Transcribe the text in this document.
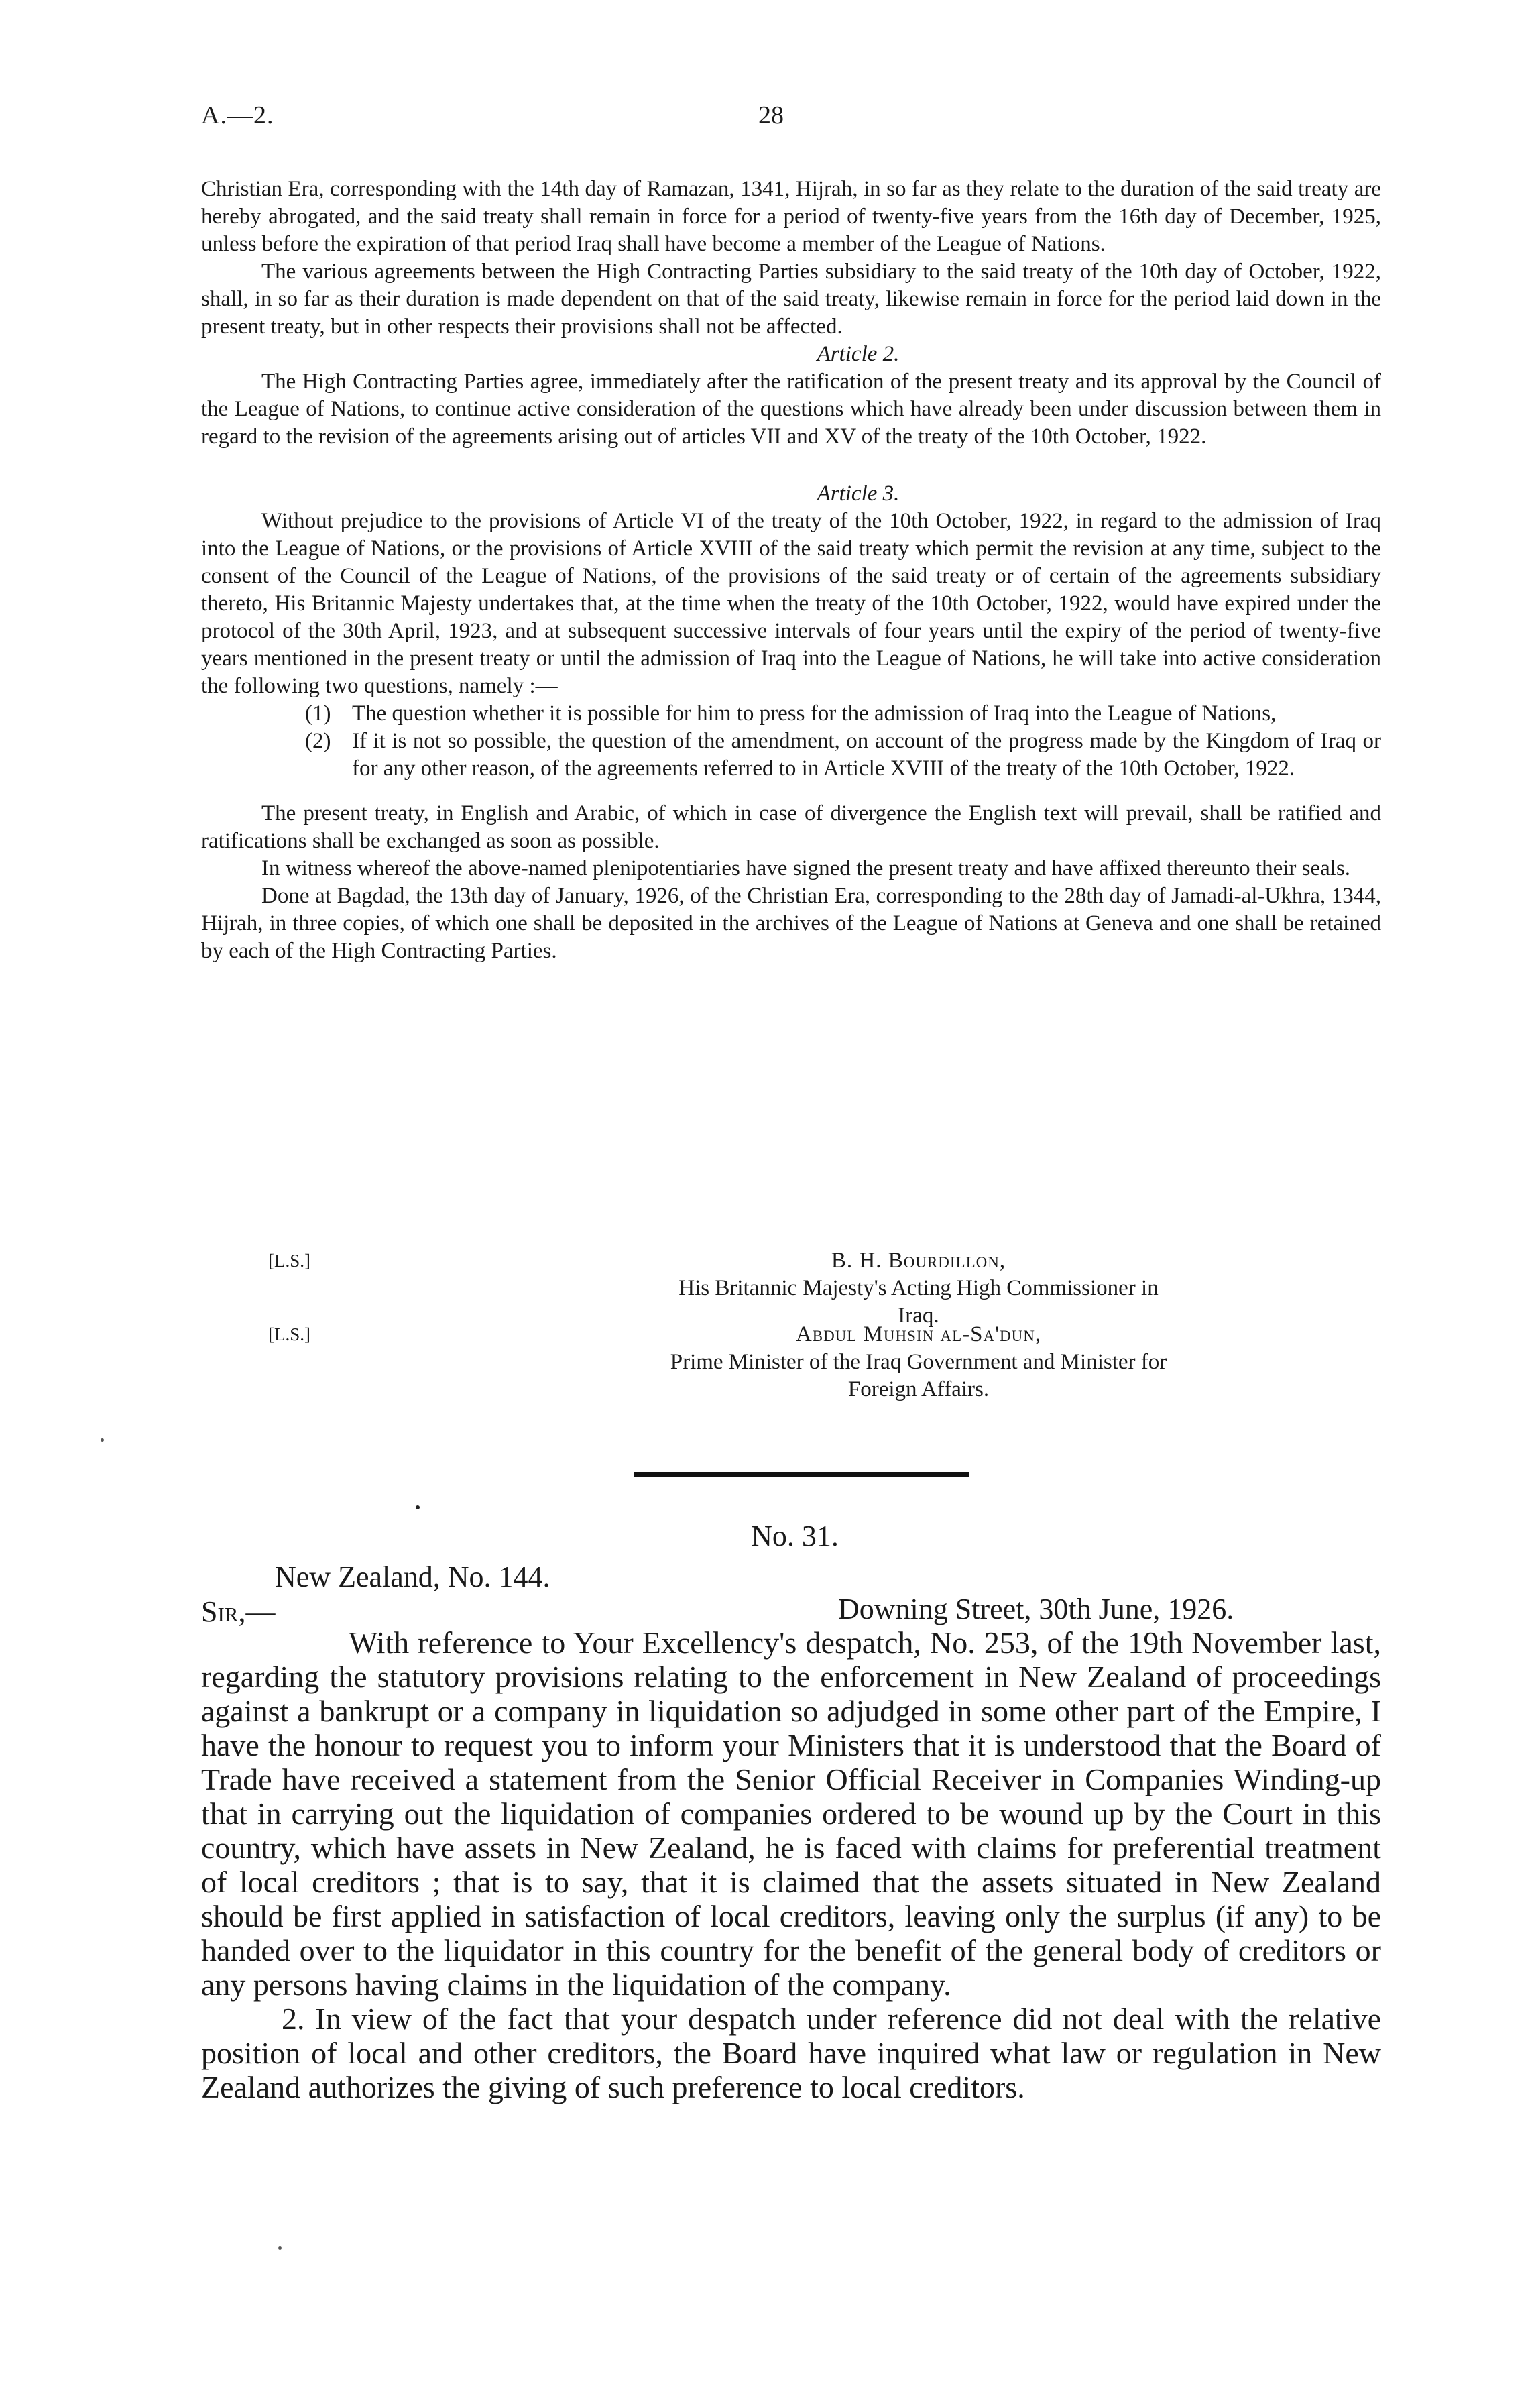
A.—2.	28

Christian Era, corresponding with the 14th day of Ramazan, 1341, Hijrah, in so far as they relate to the duration of the said treaty are hereby abrogated, and the said treaty shall remain in force for a period of twenty-five years from the 16th day of December, 1925, unless before the expiration of that period Iraq shall have become a member of the League of Nations.

The various agreements between the High Contracting Parties subsidiary to the said treaty of the 10th day of October, 1922, shall, in so far as their duration is made dependent on that of the said treaty, likewise remain in force for the period laid down in the present treaty, but in other respects their provisions shall not be affected.

Article 2.

The High Contracting Parties agree, immediately after the ratification of the present treaty and its approval by the Council of the League of Nations, to continue active consideration of the questions which have already been under discussion between them in regard to the revision of the agreements arising out of articles VII and XV of the treaty of the 10th October, 1922.

Article 3.

Without prejudice to the provisions of Article VI of the treaty of the 10th October, 1922, in regard to the admission of Iraq into the League of Nations, or the provisions of Article XVIII of the said treaty which permit the revision at any time, subject to the consent of the Council of the League of Nations, of the provisions of the said treaty or of certain of the agreements subsidiary thereto, His Britannic Majesty undertakes that, at the time when the treaty of the 10th October, 1922, would have expired under the protocol of the 30th April, 1923, and at subsequent successive intervals of four years until the expiry of the period of twenty-five years mentioned in the present treaty or until the admission of Iraq into the League of Nations, he will take into active consideration the following two questions, namely :—

(1) The question whether it is possible for him to press for the admission of Iraq into the League of Nations,
(2) If it is not so possible, the question of the amendment, on account of the progress made by the Kingdom of Iraq or for any other reason, of the agreements referred to in Article XVIII of the treaty of the 10th October, 1922.

The present treaty, in English and Arabic, of which in case of divergence the English text will prevail, shall be ratified and ratifications shall be exchanged as soon as possible.

In witness whereof the above-named plenipotentiaries have signed the present treaty and have affixed thereunto their seals.

Done at Bagdad, the 13th day of January, 1926, of the Christian Era, corresponding to the 28th day of Jamadi-al-Ukhra, 1344, Hijrah, in three copies, of which one shall be deposited in the archives of the League of Nations at Geneva and one shall be retained by each of the High Contracting Parties.

[L.S.]	B. H. Bourdillon,
His Britannic Majesty's Acting High Commissioner in Iraq.
[L.S.]	Abdul Muhsin al-Sa'dun,
Prime Minister of the Iraq Government and Minister for
Foreign Affairs.
No. 31.
New Zealand, No. 144.
Sir,—	Downing Street, 30th June, 1926.

With reference to Your Excellency's despatch, No. 253, of the 19th November last, regarding the statutory provisions relating to the enforcement in New Zealand of proceedings against a bankrupt or a company in liquidation so adjudged in some other part of the Empire, I have the honour to request you to inform your Ministers that it is understood that the Board of Trade have received a statement from the Senior Official Receiver in Companies Winding-up that in carrying out the liquidation of companies ordered to be wound up by the Court in this country, which have assets in New Zealand, he is faced with claims for preferential treatment of local creditors ; that is to say, that it is claimed that the assets situated in New Zealand should be first applied in satisfaction of local creditors, leaving only the surplus (if any) to be handed over to the liquidator in this country for the benefit of the general body of creditors or any persons having claims in the liquidation of the company.

2. In view of the fact that your despatch under reference did not deal with the relative position of local and other creditors, the Board have inquired what law or regulation in New Zealand authorizes the giving of such preference to local creditors.
